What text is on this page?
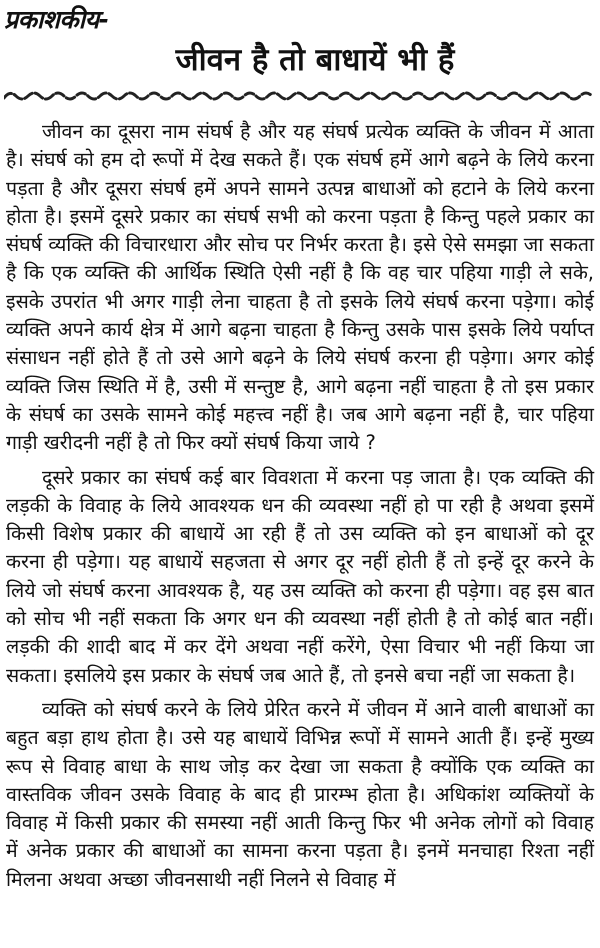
प्रकाशकीय-
जीवन है तो बाधायें भी हैं

जीवन का दूसरा नाम संघर्ष है और यह संघर्ष प्रत्येक व्यक्ति के जीवन में आता है। संघर्ष को हम दो रूपों में देख सकते हैं। एक संघर्ष हमें आगे बढ़ने के लिये करना पड़ता है और दूसरा संघर्ष हमें अपने सामने उत्पन्न बाधाओं को हटाने के लिये करना होता है। इसमें दूसरे प्रकार का संघर्ष सभी को करना पड़ता है किन्तु पहले प्रकार का संघर्ष व्यक्ति की विचारधारा और सोच पर निर्भर करता है। इसे ऐसे समझा जा सकता है कि एक व्यक्ति की आर्थिक स्थिति ऐसी नहीं है कि वह चार पहिया गाड़ी ले सके, इसके उपरांत भी अगर गाड़ी लेना चाहता है तो इसके लिये संघर्ष करना पड़ेगा। कोई व्यक्ति अपने कार्य क्षेत्र में आगे बढ़ना चाहता है किन्तु उसके पास इसके लिये पर्याप्त संसाधन नहीं होते हैं तो उसे आगे बढ़ने के लिये संघर्ष करना ही पड़ेगा। अगर कोई व्यक्ति जिस स्थिति में है, उसी में सन्तुष्ट है, आगे बढ़ना नहीं चाहता है तो इस प्रकार के संघर्ष का उसके सामने कोई महत्त्व नहीं है। जब आगे बढ़ना नहीं है, चार पहिया गाड़ी खरीदनी नहीं है तो फिर क्यों संघर्ष किया जाये ?

दूसरे प्रकार का संघर्ष कई बार विवशता में करना पड़ जाता है। एक व्यक्ति की लड़की के विवाह के लिये आवश्यक धन की व्यवस्था नहीं हो पा रही है अथवा इसमें किसी विशेष प्रकार की बाधायें आ रही हैं तो उस व्यक्ति को इन बाधाओं को दूर करना ही पड़ेगा। यह बाधायें सहजता से अगर दूर नहीं होती हैं तो इन्हें दूर करने के लिये जो संघर्ष करना आवश्यक है, यह उस व्यक्ति को करना ही पड़ेगा। वह इस बात को सोच भी नहीं सकता कि अगर धन की व्यवस्था नहीं होती है तो कोई बात नहीं। लड़की की शादी बाद में कर देंगे अथवा नहीं करेंगे, ऐसा विचार भी नहीं किया जा सकता। इसलिये इस प्रकार के संघर्ष जब आते हैं, तो इनसे बचा नहीं जा सकता है।

व्यक्ति को संघर्ष करने के लिये प्रेरित करने में जीवन में आने वाली बाधाओं का बहुत बड़ा हाथ होता है। उसे यह बाधायें विभिन्न रूपों में सामने आती हैं। इन्हें मुख्य रूप से विवाह बाधा के साथ जोड़ कर देखा जा सकता है क्योंकि एक व्यक्ति का वास्तविक जीवन उसके विवाह के बाद ही प्रारम्भ होता है। अधिकांश व्यक्तियों के विवाह में किसी प्रकार की समस्या नहीं आती किन्तु फिर भी अनेक लोगों को विवाह में अनेक प्रकार की बाधाओं का सामना करना पड़ता है। इनमें मनचाहा रिश्ता नहीं मिलना अथवा अच्छा जीवनसाथी नहीं निलने से विवाह में
